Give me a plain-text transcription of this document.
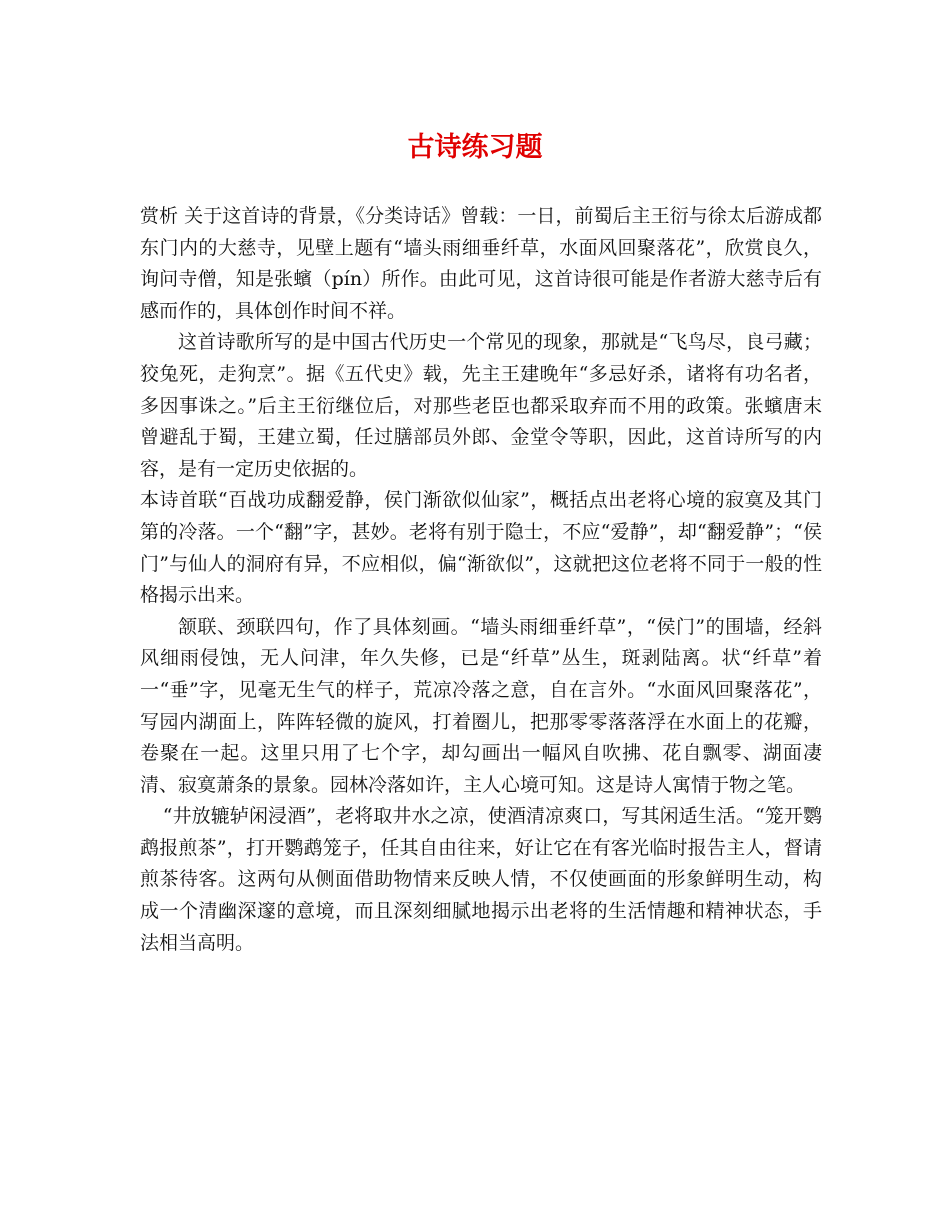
古诗练习题

赏析 关于这首诗的背景，《分类诗话》曾载：一日，前蜀后主王衍与徐太后游成都东门内的大慈寺，见壁上题有“墙头雨细垂纤草，水面风回聚落花”，欣赏良久，询问寺僧，知是张蠙（pín）所作。由此可见，这首诗很可能是作者游大慈寺后有感而作的，具体创作时间不祥。

这首诗歌所写的是中国古代历史一个常见的现象，那就是“飞鸟尽，良弓藏；狡兔死，走狗烹”。据《五代史》载，先主王建晚年“多忌好杀，诸将有功名者，多因事诛之。”后主王衍继位后，对那些老臣也都采取弃而不用的政策。张蠙唐末曾避乱于蜀，王建立蜀，任过膳部员外郎、金堂令等职，因此，这首诗所写的内容，是有一定历史依据的。

本诗首联“百战功成翻爱静，侯门渐欲似仙家”，概括点出老将心境的寂寞及其门第的冷落。一个“翻”字，甚妙。老将有别于隐士，不应“爱静”，却“翻爱静”；“侯门”与仙人的洞府有异，不应相似，偏“渐欲似”，这就把这位老将不同于一般的性格揭示出来。

颔联、颈联四句，作了具体刻画。“墙头雨细垂纤草”，“侯门”的围墙，经斜风细雨侵蚀，无人问津，年久失修，已是“纤草”丛生，斑剥陆离。状“纤草”着一“垂”字，见毫无生气的样子，荒凉冷落之意，自在言外。“水面风回聚落花”，写园内湖面上，阵阵轻微的旋风，打着圈儿，把那零零落落浮在水面上的花瓣，卷聚在一起。这里只用了七个字，却勾画出一幅风自吹拂、花自飘零、湖面凄清、寂寞萧条的景象。园林冷落如许，主人心境可知。这是诗人寓情于物之笔。

“井放辘轳闲浸酒”，老将取井水之凉，使酒清凉爽口，写其闲适生活。“笼开鹦鹉报煎茶”，打开鹦鹉笼子，任其自由往来，好让它在有客光临时报告主人，督请煎茶待客。这两句从侧面借助物情来反映人情，不仅使画面的形象鲜明生动，构成一个清幽深邃的意境，而且深刻细腻地揭示出老将的生活情趣和精神状态，手法相当高明。
